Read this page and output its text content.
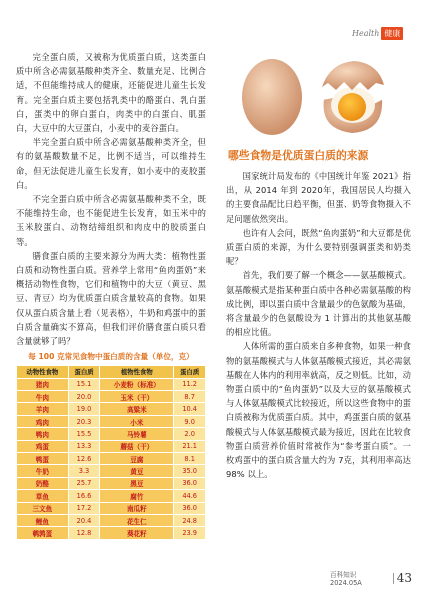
Health 健康

完全蛋白质，又被称为优质蛋白质，这类蛋白质中所含必需氨基酸种类齐全、数量充足、比例合适，不但能维持成人的健康，还能促进儿童生长发育。完全蛋白质主要包括乳类中的酪蛋白、乳白蛋白，蛋类中的卵白蛋白，肉类中的白蛋白、肌蛋白，大豆中的大豆蛋白，小麦中的麦谷蛋白。

半完全蛋白质中所含必需氨基酸种类齐全，但有的氨基酸数量不足，比例不适当，可以维持生命，但无法促进儿童生长发育，如小麦中的麦胶蛋白。

不完全蛋白质中所含必需氨基酸种类不全，既不能维持生命，也不能促进生长发育，如玉米中的玉米胶蛋白、动物结缔组织和肉皮中的胶质蛋白等。

膳食蛋白质的主要来源分为两大类：植物性蛋白质和动物性蛋白质。营养学上常用“鱼肉蛋奶”来概括动物性食物，它们和植物中的大豆（黄豆、黑豆、青豆）均为优质蛋白质含量较高的食物。如果仅从蛋白质含量上看（见表格），牛奶和鸡蛋中的蛋白质含量确实不算高，但我们评价膳食蛋白质只看含量就够了吗？

每 100 克常见食物中蛋白质的含量（单位，克）
动物性食物	蛋白质	植物性食物	蛋白质
猪肉	15.1	小麦粉（标准）	11.2
牛肉	20.0	玉米（干）	8.7
羊肉	19.0	高粱米	10.4
鸡肉	20.3	小米	9.0
鸭肉	15.5	马铃薯	2.0
鸡蛋	13.3	蘑菇（干）	21.1
鸭蛋	12.6	豆腐	8.1
牛奶	3.3	黄豆	35.0
奶酪	25.7	黑豆	36.0
草鱼	16.6	腐竹	44.6
三文鱼	17.2	南瓜籽	36.0
鲤鱼	20.4	花生仁	24.8
鹌鹑蛋	12.8	葵花籽	23.9
哪些食物是优质蛋白质的来源

国家统计局发布的《中国统计年鉴 2021》指出，从 2014 年到 2020年，我国居民人均摄入的主要食品配比日趋平衡，但蛋、奶等食物摄入不足问题依然突出。

也许有人会问，既然“鱼肉蛋奶”和大豆都是优质蛋白质的来源，为什么要特别强调蛋类和奶类呢？

首先，我们要了解一个概念——氨基酸模式。氨基酸模式是指某种蛋白质中各种必需氨基酸的构成比例，即以蛋白质中含量最少的色氨酸为基础，将含量最少的色氨酸设为 1 计算出的其他氨基酸的相应比值。

人体所需的蛋白质来自多种食物，如果一种食物的氨基酸模式与人体氨基酸模式接近，其必需氨基酸在人体内的利用率就高，反之则低。比如，动物蛋白质中的“鱼肉蛋奶”以及大豆的氨基酸模式与人体氨基酸模式比较接近，所以这些食物中的蛋白质被称为优质蛋白质。其中，鸡蛋蛋白质的氨基酸模式与人体氨基酸模式最为接近，因此在比较食物蛋白质营养价值时常被作为“参考蛋白质”。一枚鸡蛋中的蛋白质含量大约为 7克，其利用率高达 98% 以上。

百科知识 2024.05A	43
